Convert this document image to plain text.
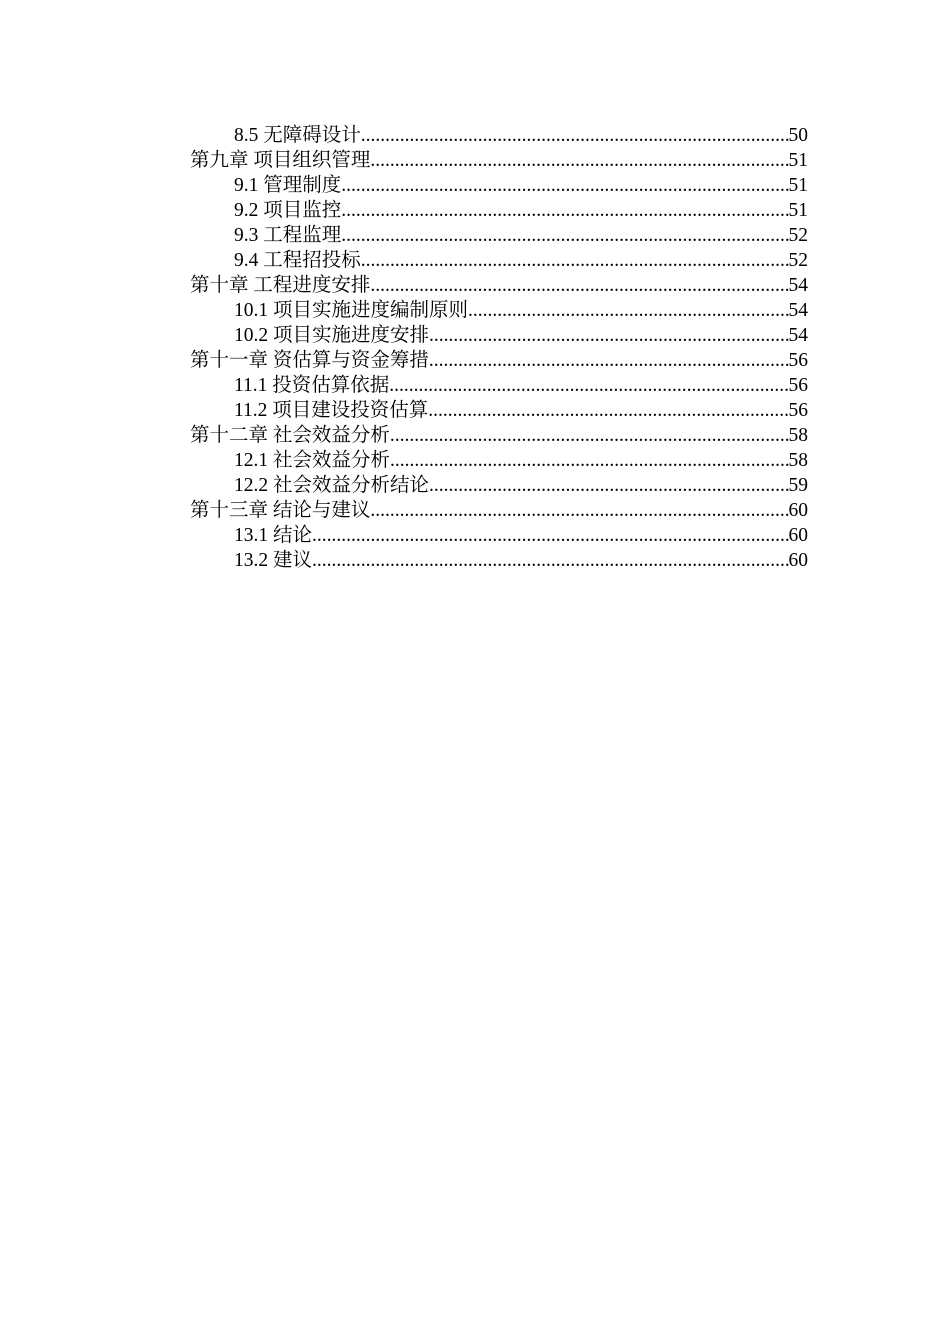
8.5 无障碍设计 .....	50
第九章 项目组织管理 .....	51
9.1 管理制度 .....	51
9.2 项目监控 .....	51
9.3 工程监理 .....	52
9.4 工程招投标 .....	52
第十章 工程进度安排 .....	54
10.1 项目实施进度编制原则 .....	54
10.2 项目实施进度安排 .....	54
第十一章 资估算与资金筹措 .....	56
11.1 投资估算依据 .....	56
11.2 项目建设投资估算 .....	56
第十二章 社会效益分析 .....	58
12.1 社会效益分析 .....	58
12.2 社会效益分析结论 .....	59
第十三章 结论与建议 .....	60
13.1 结论 .....	60
13.2 建议 .....	60
